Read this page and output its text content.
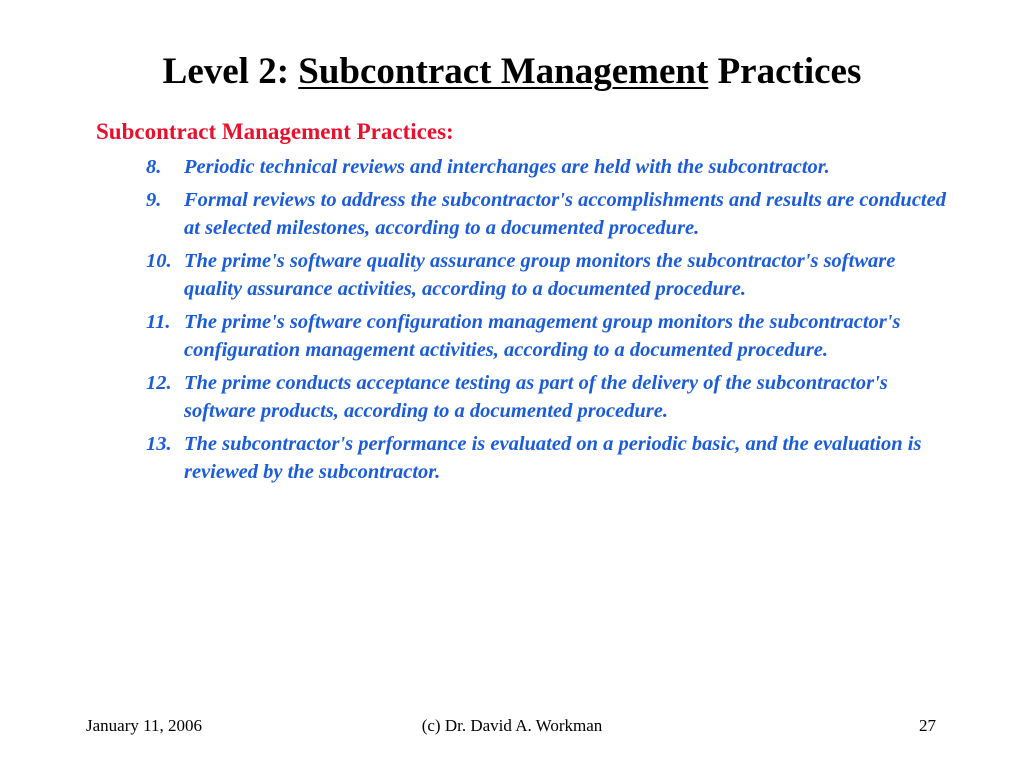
Level 2: Subcontract Management Practices
Subcontract Management Practices:
8.	Periodic technical reviews and interchanges are held with the subcontractor.
9.	Formal reviews to address the subcontractor's accomplishments and results are conducted at selected milestones, according to a documented procedure.
10. The prime's software quality assurance group monitors the subcontractor's software quality assurance activities, according to a documented procedure.
11. The prime's software configuration management group monitors the subcontractor's configuration management activities, according to a documented procedure.
12. The prime conducts acceptance testing as part of the delivery of the subcontractor's software products, according to a documented procedure.
13. The subcontractor's performance is evaluated on a periodic basic, and the evaluation is reviewed by the subcontractor.
(c) Dr. David A. Workman
January 11, 2006	27
